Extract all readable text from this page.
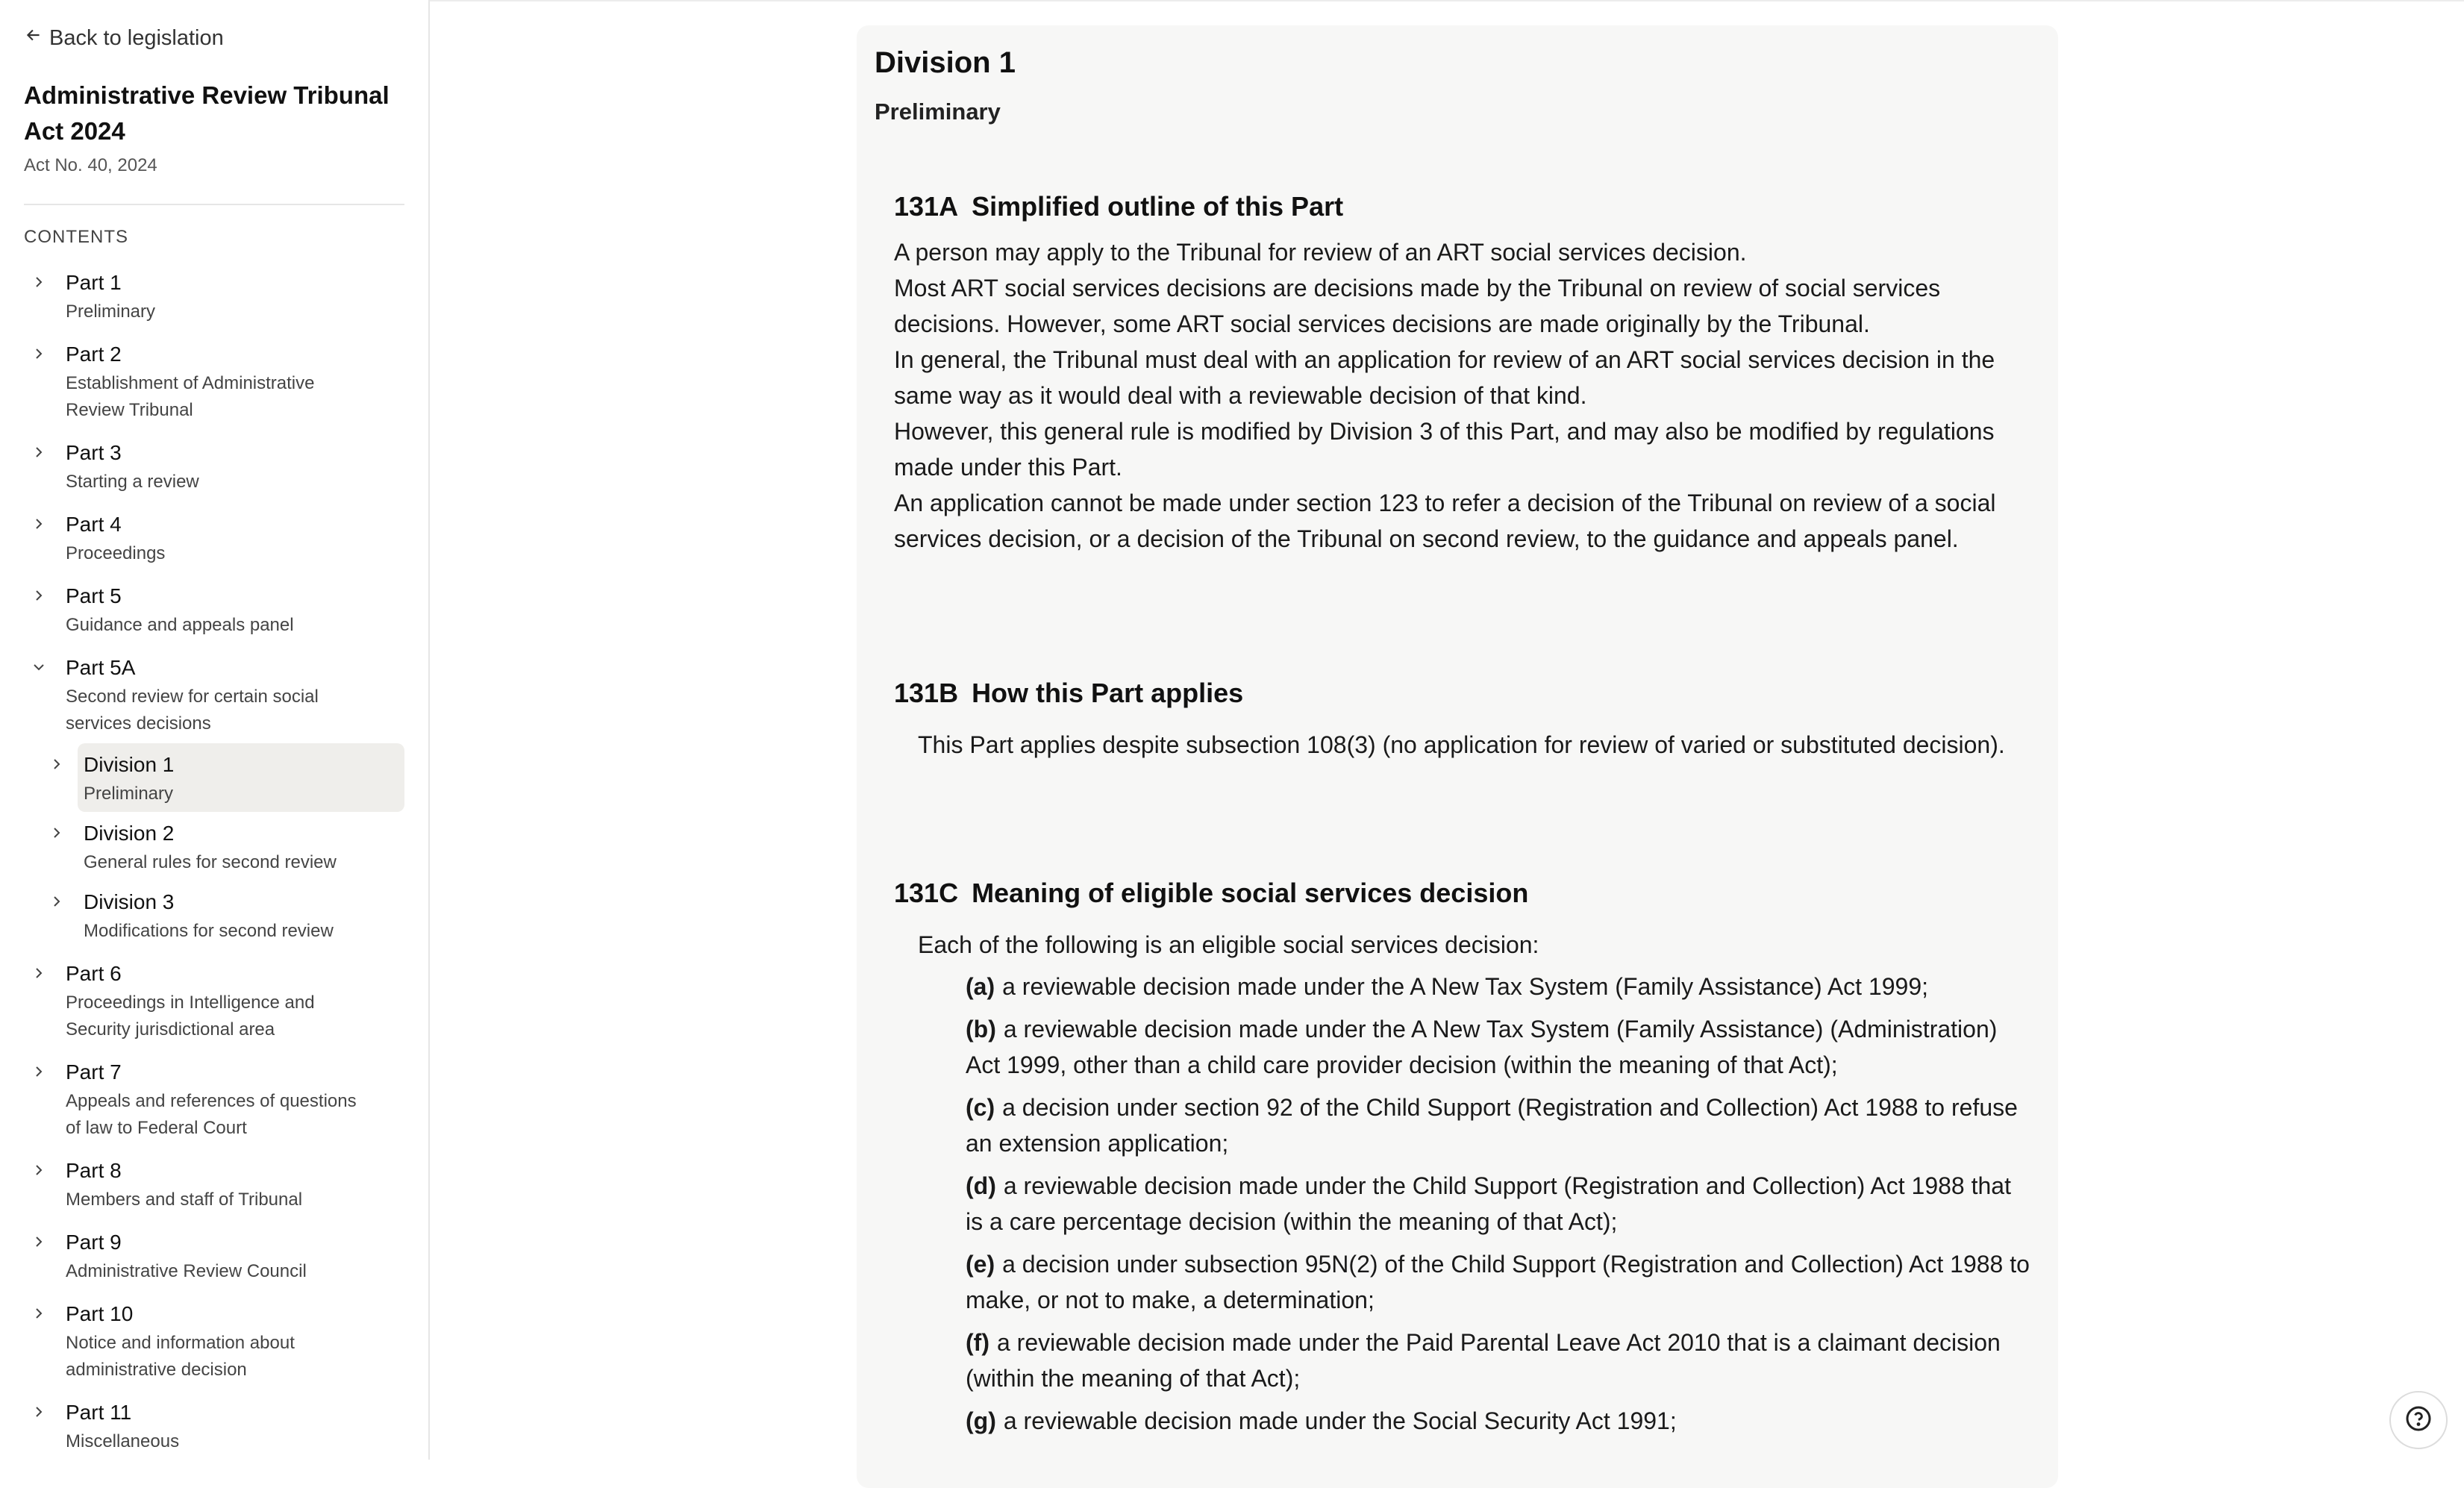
Back to legislation
Administrative Review Tribunal Act 2024
Act No. 40, 2024
CONTENTS
Part 1
Preliminary
Part 2
Establishment of Administrative Review Tribunal
Part 3
Starting a review
Part 4
Proceedings
Part 5
Guidance and appeals panel
Part 5A
Second review for certain social services decisions
Division 1
Preliminary
Division 2
General rules for second review
Division 3
Modifications for second review
Part 6
Proceedings in Intelligence and Security jurisdictional area
Part 7
Appeals and references of questions of law to Federal Court
Part 8
Members and staff of Tribunal
Part 9
Administrative Review Council
Part 10
Notice and information about administrative decision
Part 11
Miscellaneous
Division 1
Preliminary
131A Simplified outline of this Part

A person may apply to the Tribunal for review of an ART social services decision.

Most ART social services decisions are decisions made by the Tribunal on review of social services decisions. However, some ART social services decisions are made originally by the Tribunal.

In general, the Tribunal must deal with an application for review of an ART social services decision in the same way as it would deal with a reviewable decision of that kind.

However, this general rule is modified by Division 3 of this Part, and may also be modified by regulations made under this Part.

An application cannot be made under section 123 to refer a decision of the Tribunal on review of a social services decision, or a decision of the Tribunal on second review, to the guidance and appeals panel.

131B How this Part applies

This Part applies despite subsection 108(3) (no application for review of varied or substituted decision).

131C Meaning of eligible social services decision

Each of the following is an eligible social services decision:

(a) a reviewable decision made under the A New Tax System (Family Assistance) Act 1999;
(b) a reviewable decision made under the A New Tax System (Family Assistance) (Administration) Act 1999, other than a child care provider decision (within the meaning of that Act);
(c) a decision under section 92 of the Child Support (Registration and Collection) Act 1988 to refuse an extension application;
(d) a reviewable decision made under the Child Support (Registration and Collection) Act 1988 that is a care percentage decision (within the meaning of that Act);
(e) a decision under subsection 95N(2) of the Child Support (Registration and Collection) Act 1988 to make, or not to make, a determination;
(f) a reviewable decision made under the Paid Parental Leave Act 2010 that is a claimant decision (within the meaning of that Act);
(g) a reviewable decision made under the Social Security Act 1991;
